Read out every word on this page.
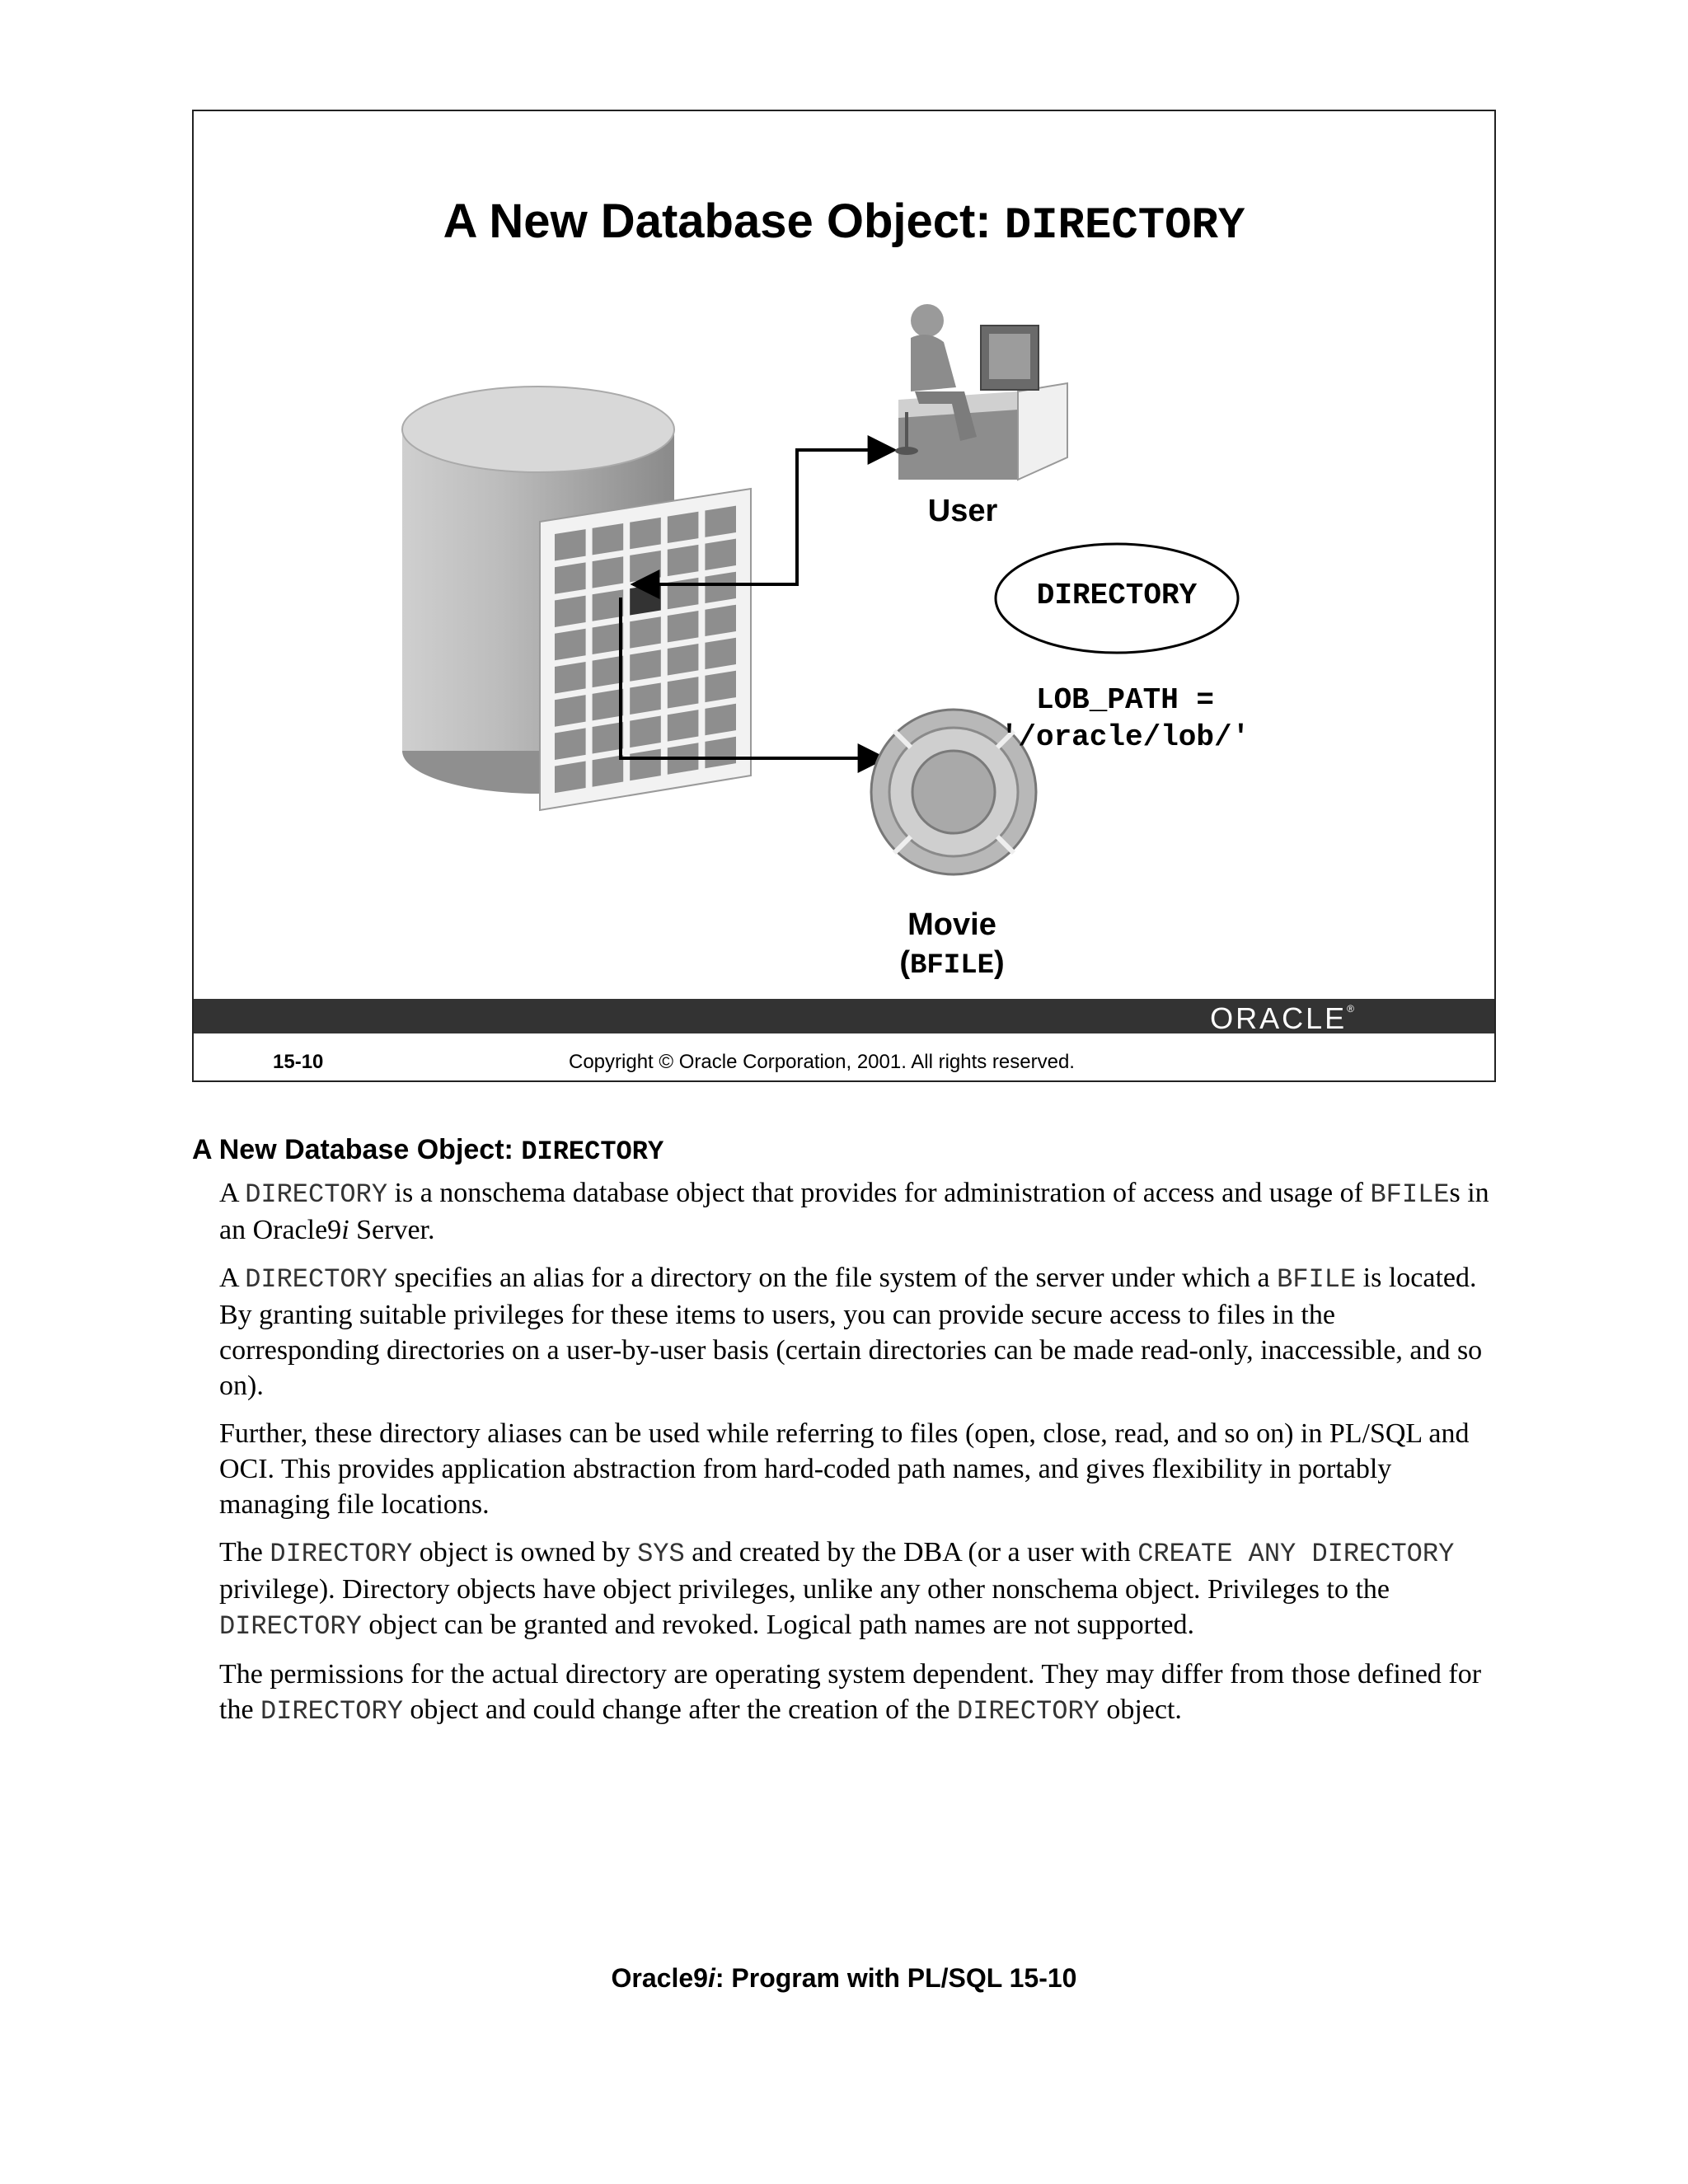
A New Database Object: DIRECTORY
User
DIRECTORY
LOB_PATH =
'/oracle/lob/'
Movie
(BFILE)
ORACLE®
15-10	Copyright © Oracle Corporation, 2001. All rights reserved.
A New Database Object: DIRECTORY

A DIRECTORY is a nonschema database object that provides for administration of access and usage of BFILEs in an Oracle9i Server.

A DIRECTORY specifies an alias for a directory on the file system of the server under which a BFILE is located. By granting suitable privileges for these items to users, you can provide secure access to files in the corresponding directories on a user-by-user basis (certain directories can be made read-only, inaccessible, and so on).

Further, these directory aliases can be used while referring to files (open, close, read, and so on) in PL/SQL and OCI. This provides application abstraction from hard-coded path names, and gives flexibility in portably managing file locations.

The DIRECTORY object is owned by SYS and created by the DBA (or a user with CREATE ANY DIRECTORY privilege). Directory objects have object privileges, unlike any other nonschema object. Privileges to the DIRECTORY object can be granted and revoked. Logical path names are not supported.

The permissions for the actual directory are operating system dependent. They may differ from those defined for the DIRECTORY object and could change after the creation of the DIRECTORY object.

Oracle9i: Program with PL/SQL 15-10
